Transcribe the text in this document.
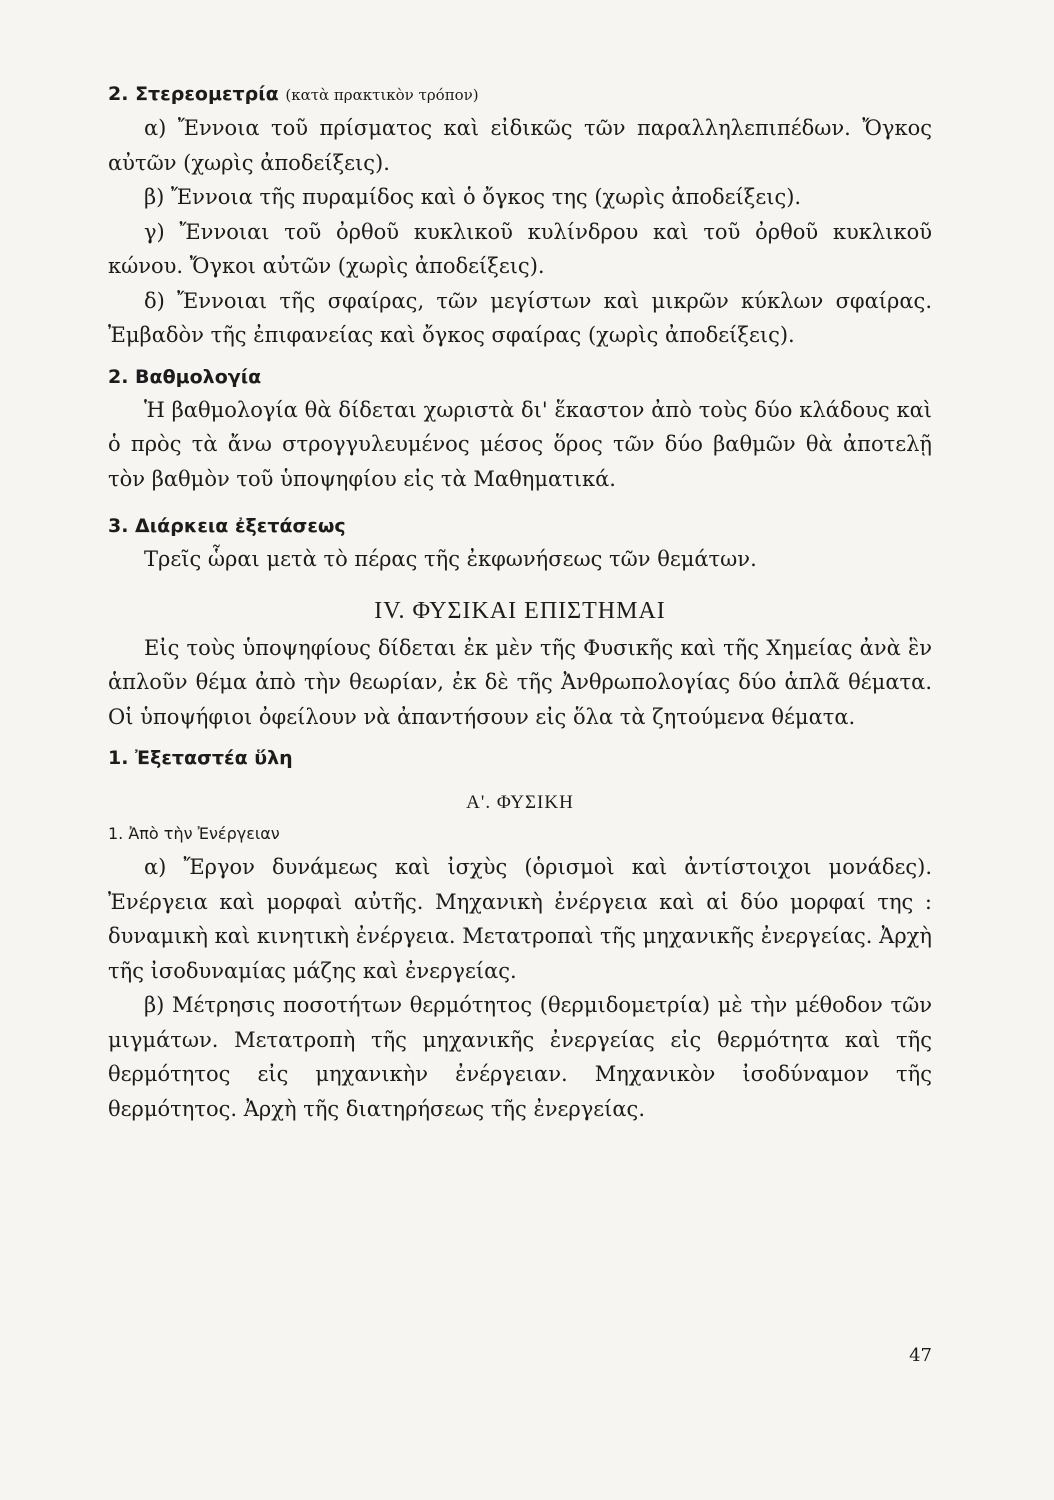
2. Στερεομετρία (κατὰ πρακτικὸν τρόπον)

α) Ἔννοια τοῦ πρίσματος καὶ εἰδικῶς τῶν παραλληλεπιπέδων. Ὄγκος αὐτῶν (χωρὶς ἀποδείξεις).

β) Ἔννοια τῆς πυραμίδος καὶ ὁ ὄγκος της (χωρὶς ἀποδείξεις).

γ) Ἔννοιαι τοῦ ὀρθοῦ κυκλικοῦ κυλίνδρου καὶ τοῦ ὀρθοῦ κυκλικοῦ κώνου. Ὄγκοι αὐτῶν (χωρὶς ἀποδείξεις).

δ) Ἔννοιαι τῆς σφαίρας, τῶν μεγίστων καὶ μικρῶν κύκλων σφαίρας. Ἐμβαδὸν τῆς ἐπιφανείας καὶ ὄγκος σφαίρας (χωρὶς ἀποδείξεις).

2. Βαθμολογία

Ἡ βαθμολογία θὰ δίδεται χωριστὰ δι' ἕκαστον ἀπὸ τοὺς δύο κλάδους καὶ ὁ πρὸς τὰ ἄνω στρογγυλευμένος μέσος ὅρος τῶν δύο βαθμῶν θὰ ἀποτελῇ τὸν βαθμὸν τοῦ ὑποψηφίου εἰς τὰ Μαθηματικά.

3. Διάρκεια ἐξετάσεως

Τρεῖς ὧραι μετὰ τὸ πέρας τῆς ἐκφωνήσεως τῶν θεμάτων.

IV. ΦΥΣΙΚΑΙ ΕΠΙΣΤΗΜΑΙ

Εἰς τοὺς ὑποψηφίους δίδεται ἐκ μὲν τῆς Φυσικῆς καὶ τῆς Χημείας ἀνὰ ἓν ἁπλοῦν θέμα ἀπὸ τὴν θεωρίαν, ἐκ δὲ τῆς Ἀνθρωπολογίας δύο ἁπλᾶ θέματα. Οἱ ὑποψήφιοι ὀφείλουν νὰ ἀπαντήσουν εἰς ὅλα τὰ ζητούμενα θέματα.

1. Ἐξεταστέα ὕλη

Α'. ΦΥΣΙΚΗ

1. Ἀπὸ τὴν Ἐνέργειαν

α) Ἔργον δυνάμεως καὶ ἰσχὺς (ὁρισμοὶ καὶ ἀντίστοιχοι μονάδες). Ἐνέργεια καὶ μορφαὶ αὐτῆς. Μηχανικὴ ἐνέργεια καὶ αἱ δύο μορφαί της : δυναμικὴ καὶ κινητικὴ ἐνέργεια. Μετατροπαὶ τῆς μηχανικῆς ἐνεργείας. Ἀρχὴ τῆς ἰσοδυναμίας μάζης καὶ ἐνεργείας.

β) Μέτρησις ποσοτήτων θερμότητος (θερμιδομετρία) μὲ τὴν μέθοδον τῶν μιγμάτων. Μετατροπὴ τῆς μηχανικῆς ἐνεργείας εἰς θερμότητα καὶ τῆς θερμότητος εἰς μηχανικὴν ἐνέργειαν. Μηχανικὸν ἰσοδύναμον τῆς θερμότητος. Ἀρχὴ τῆς διατηρήσεως τῆς ἐνεργείας.

47
